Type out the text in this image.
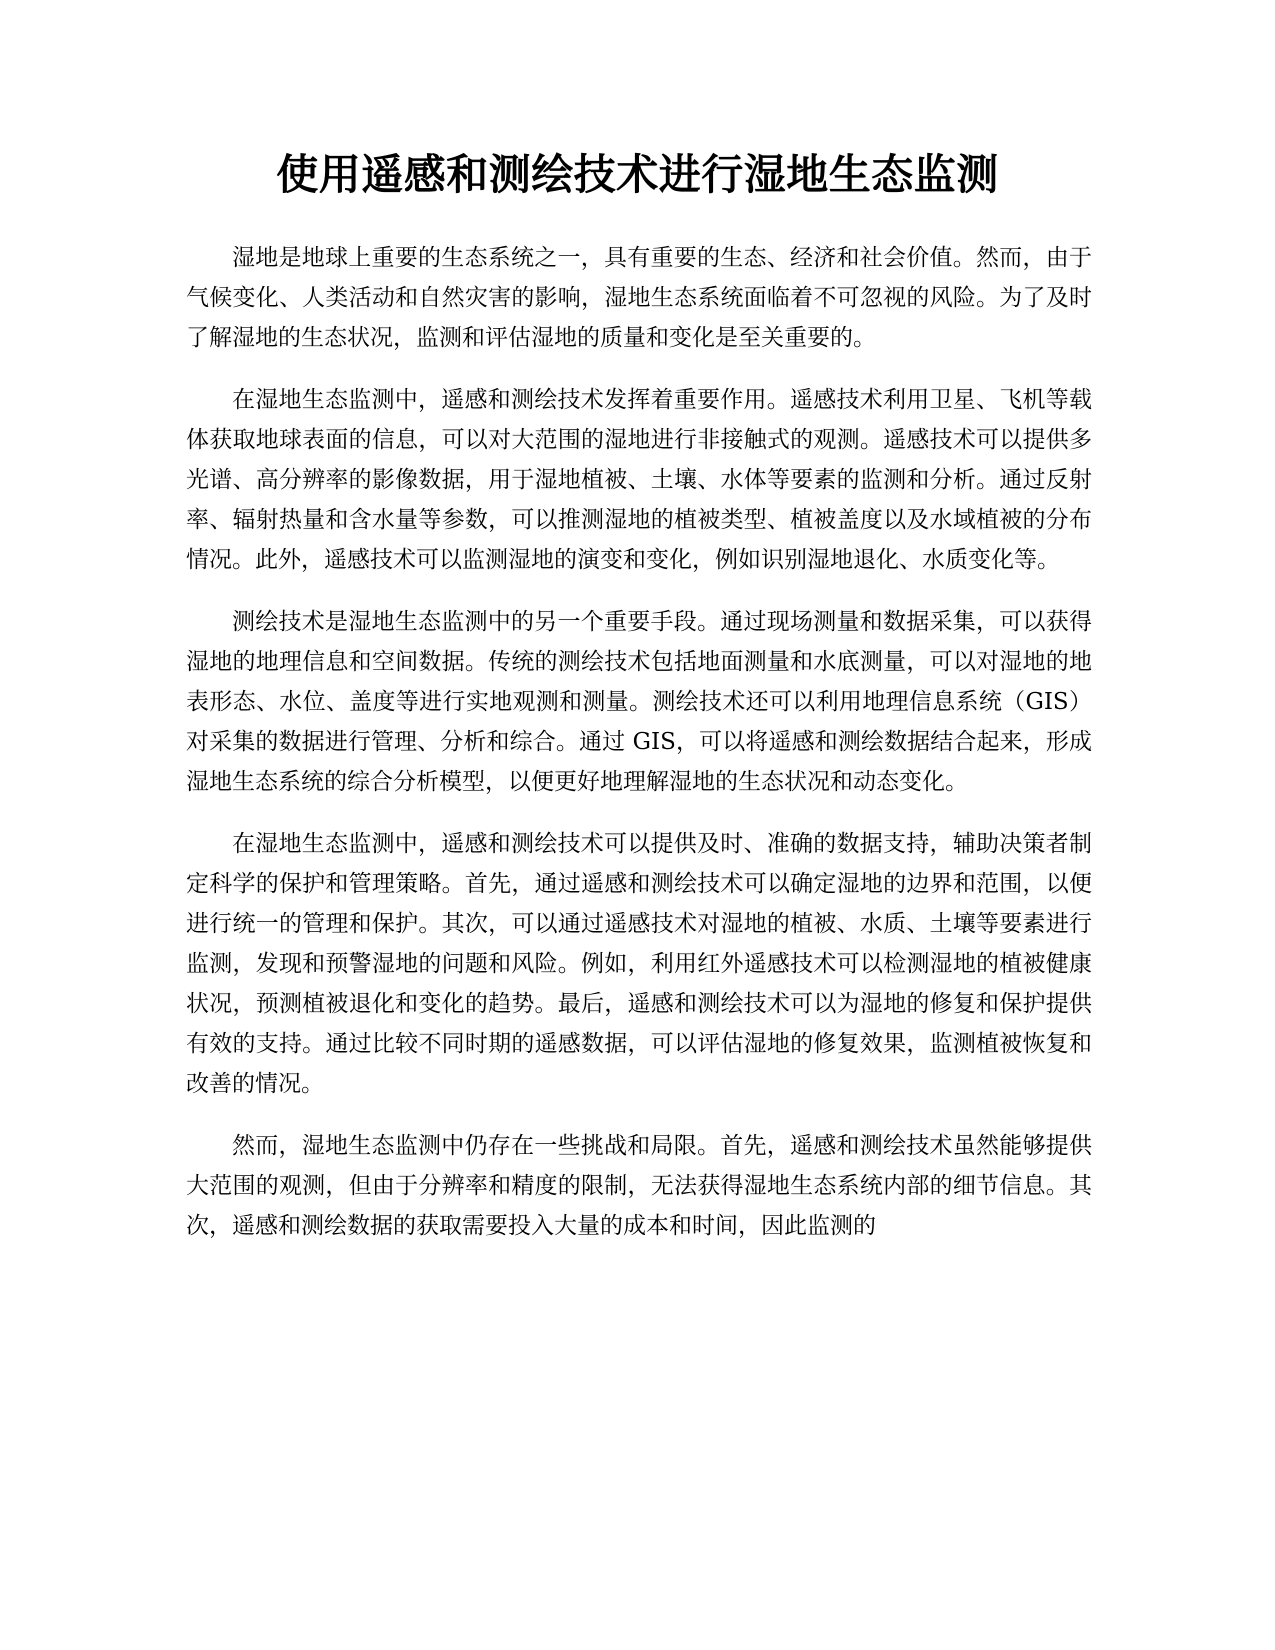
使用遥感和测绘技术进行湿地生态监测

湿地是地球上重要的生态系统之一，具有重要的生态、经济和社会价值。然而，由于气候变化、人类活动和自然灾害的影响，湿地生态系统面临着不可忽视的风险。为了及时了解湿地的生态状况，监测和评估湿地的质量和变化是至关重要的。

在湿地生态监测中，遥感和测绘技术发挥着重要作用。遥感技术利用卫星、飞机等载体获取地球表面的信息，可以对大范围的湿地进行非接触式的观测。遥感技术可以提供多光谱、高分辨率的影像数据，用于湿地植被、土壤、水体等要素的监测和分析。通过反射率、辐射热量和含水量等参数，可以推测湿地的植被类型、植被盖度以及水域植被的分布情况。此外，遥感技术可以监测湿地的演变和变化，例如识别湿地退化、水质变化等。

测绘技术是湿地生态监测中的另一个重要手段。通过现场测量和数据采集，可以获得湿地的地理信息和空间数据。传统的测绘技术包括地面测量和水底测量，可以对湿地的地表形态、水位、盖度等进行实地观测和测量。测绘技术还可以利用地理信息系统（GIS）对采集的数据进行管理、分析和综合。通过 GIS，可以将遥感和测绘数据结合起来，形成湿地生态系统的综合分析模型，以便更好地理解湿地的生态状况和动态变化。

在湿地生态监测中，遥感和测绘技术可以提供及时、准确的数据支持，辅助决策者制定科学的保护和管理策略。首先，通过遥感和测绘技术可以确定湿地的边界和范围，以便进行统一的管理和保护。其次，可以通过遥感技术对湿地的植被、水质、土壤等要素进行监测，发现和预警湿地的问题和风险。例如，利用红外遥感技术可以检测湿地的植被健康状况，预测植被退化和变化的趋势。最后，遥感和测绘技术可以为湿地的修复和保护提供有效的支持。通过比较不同时期的遥感数据，可以评估湿地的修复效果，监测植被恢复和改善的情况。

然而，湿地生态监测中仍存在一些挑战和局限。首先，遥感和测绘技术虽然能够提供大范围的观测，但由于分辨率和精度的限制，无法获得湿地生态系统内部的细节信息。其次，遥感和测绘数据的获取需要投入大量的成本和时间，因此监测的
